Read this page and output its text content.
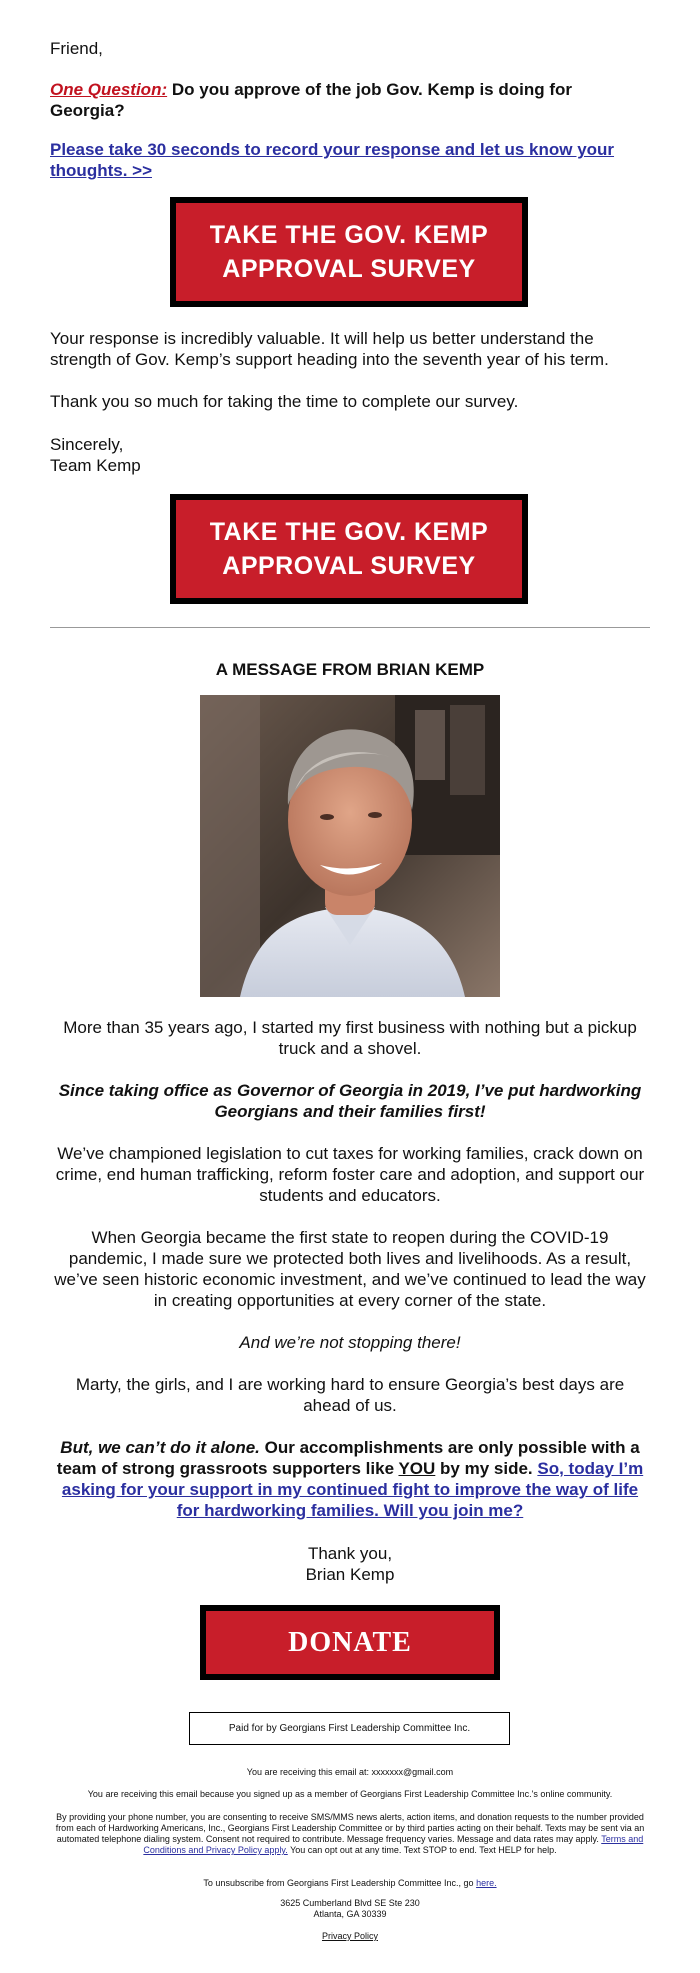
Friend,

One Question: Do you approve of the job Gov. Kemp is doing for Georgia?

Please take 30 seconds to record your response and let us know your thoughts. >>

TAKE THE GOV. KEMP
APPROVAL SURVEY

Your response is incredibly valuable. It will help us better understand the strength of Gov. Kemp’s support heading into the seventh year of his term.

Thank you so much for taking the time to complete our survey.

Sincerely,

Team Kemp

TAKE THE GOV. KEMP
APPROVAL SURVEY

A MESSAGE FROM BRIAN KEMP

More than 35 years ago, I started my first business with nothing but a pickup truck and a shovel.

Since taking office as Governor of Georgia in 2019, I’ve put hardworking Georgians and their families first!

We’ve championed legislation to cut taxes for working families, crack down on crime, end human trafficking, reform foster care and adoption, and support our students and educators.

When Georgia became the first state to reopen during the COVID-19 pandemic, I made sure we protected both lives and livelihoods. As a result, we’ve seen historic economic investment, and we’ve continued to lead the way in creating opportunities at every corner of the state.

And we’re not stopping there!

Marty, the girls, and I are working hard to ensure Georgia’s best days are ahead of us.

But, we can’t do it alone. Our accomplishments are only possible with a team of strong grassroots supporters like YOU by my side. So, today I’m asking for your support in my continued fight to improve the way of life for hardworking families. Will you join me?

Thank you,

Brian Kemp

DONATE
Paid for by Georgians First Leadership Committee Inc.

You are receiving this email at: xxxxxxx@gmail.com

You are receiving this email because you signed up as a member of Georgians First Leadership Committee Inc.'s online community.

By providing your phone number, you are consenting to receive SMS/MMS news alerts, action items, and donation requests to the number provided from each of Hardworking Americans, Inc., Georgians First Leadership Committee or by third parties acting on their behalf. Texts may be sent via an automated telephone dialing system. Consent not required to contribute. Message frequency varies. Message and data rates may apply. Terms and Conditions and Privacy Policy apply. You can opt out at any time. Text STOP to end. Text HELP for help.

To unsubscribe from Georgians First Leadership Committee Inc., go here.

3625 Cumberland Blvd SE Ste 230

Atlanta, GA 30339

Privacy Policy
